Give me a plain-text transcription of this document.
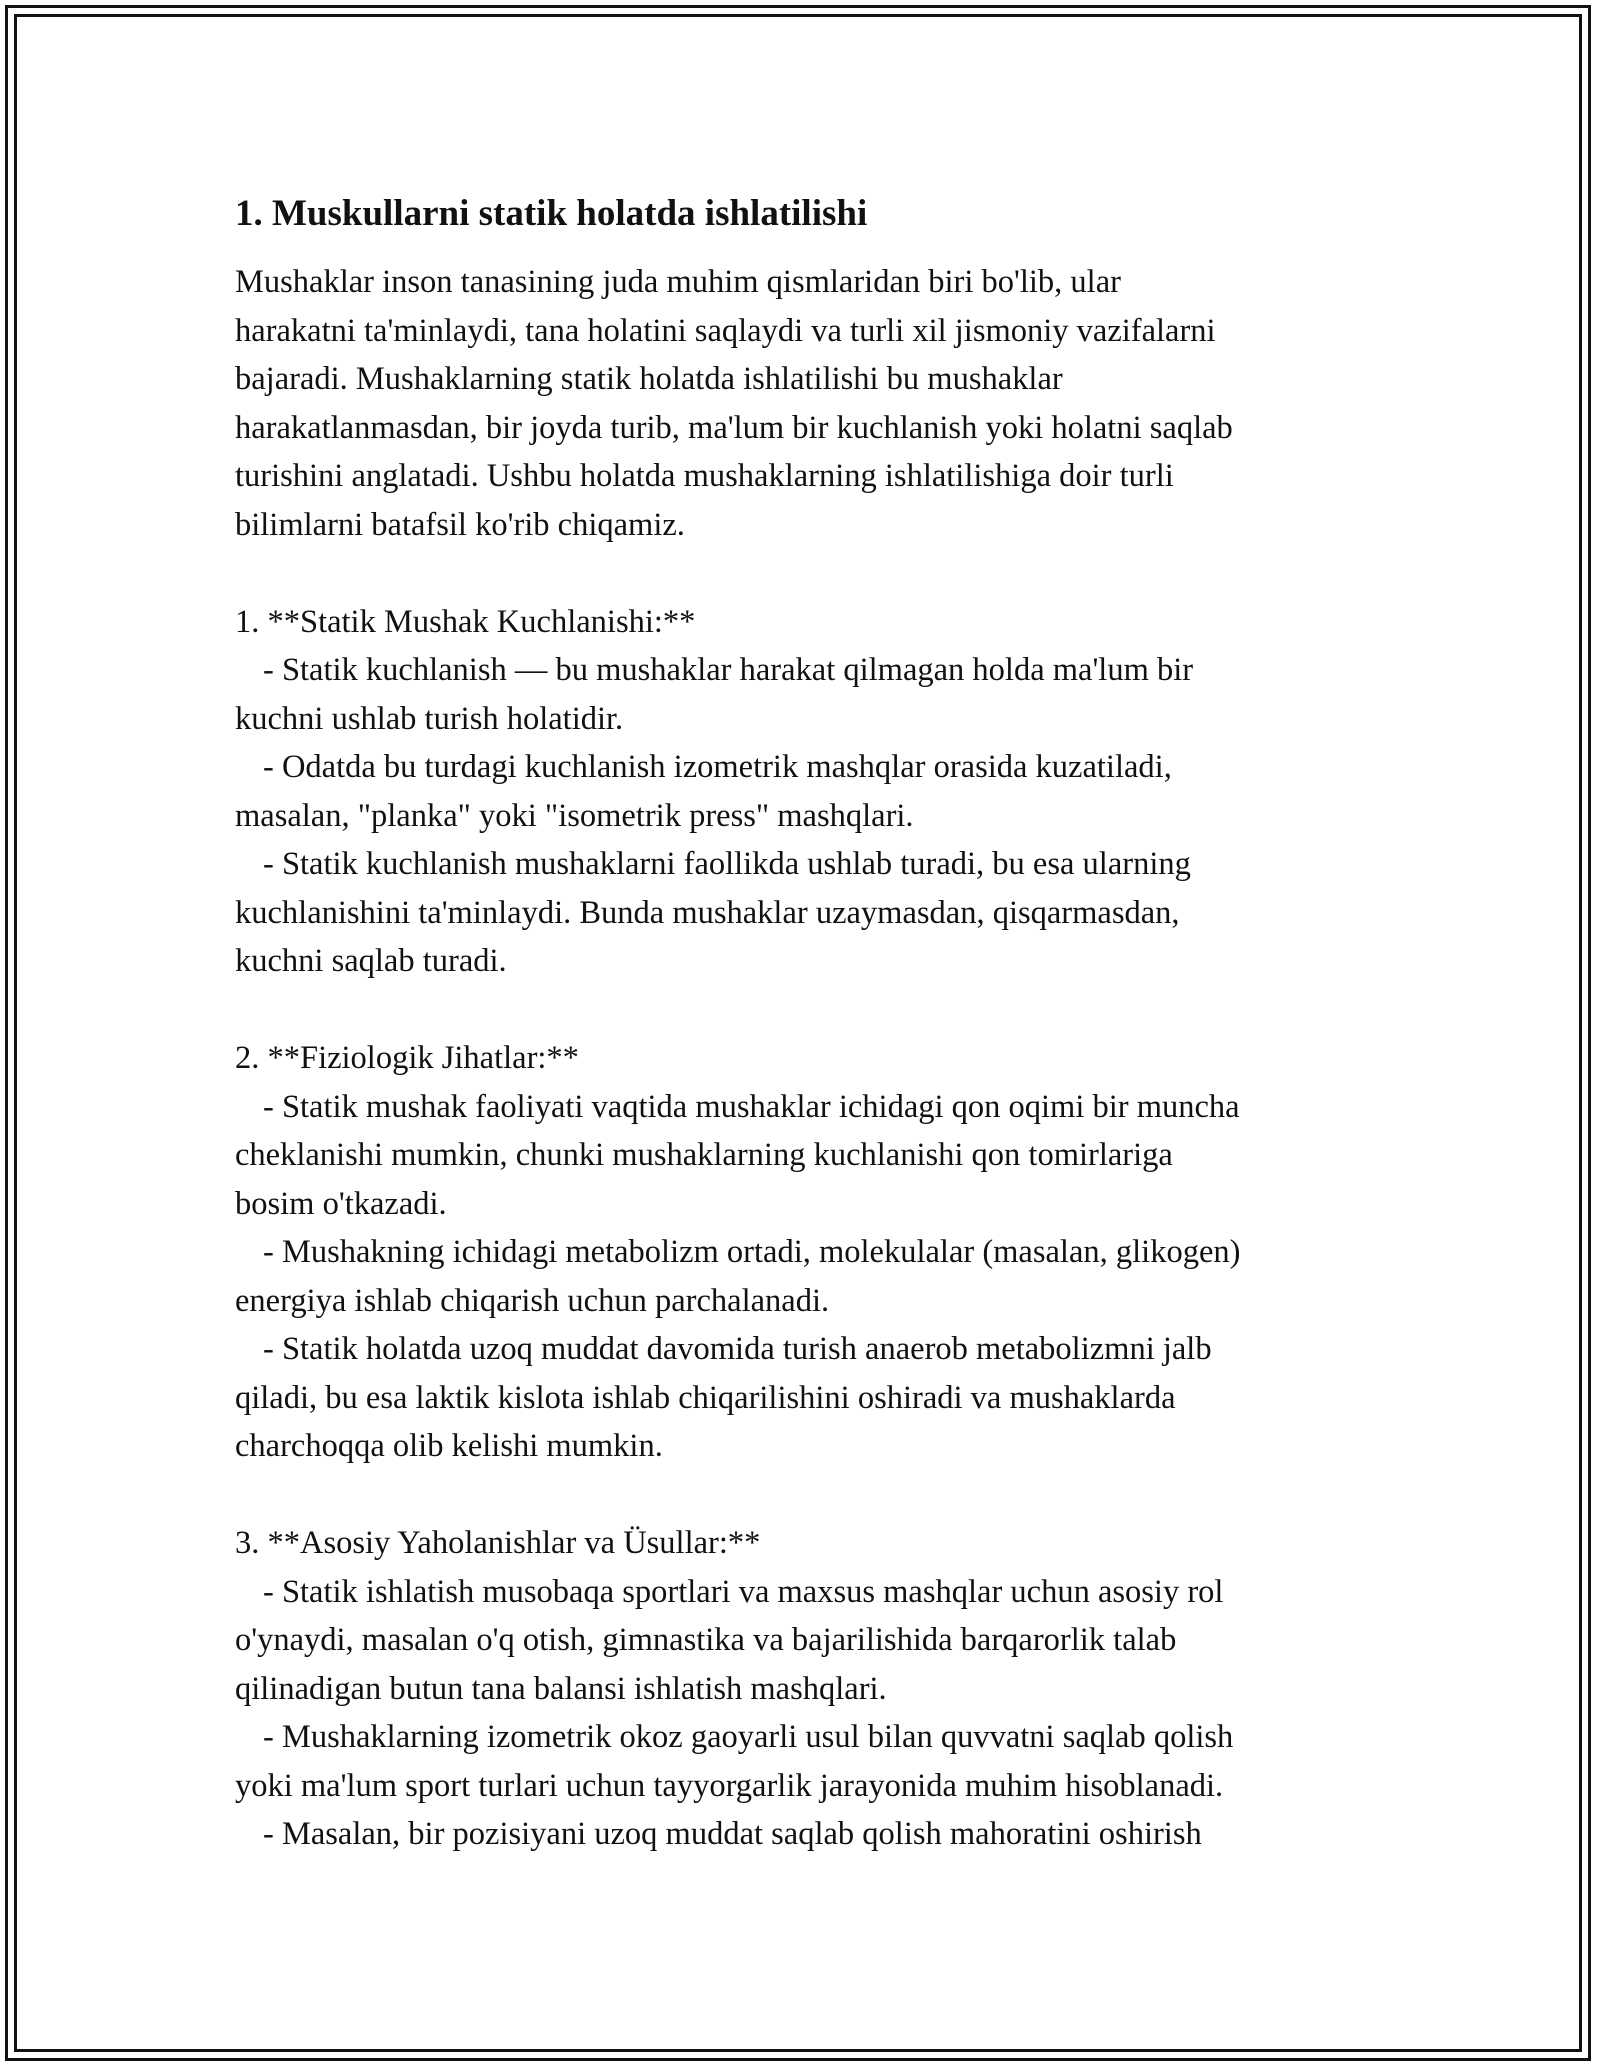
1. Muskullarni statik holatda ishlatilishi

Mushaklar inson tanasining juda muhim qismlaridan biri bo'lib, ular
harakatni ta'minlaydi, tana holatini saqlaydi va turli xil jismoniy vazifalarni
bajaradi. Mushaklarning statik holatda ishlatilishi bu mushaklar
harakatlanmasdan, bir joyda turib, ma'lum bir kuchlanish yoki holatni saqlab
turishini anglatadi. Ushbu holatda mushaklarning ishlatilishiga doir turli
bilimlarni batafsil ko'rib chiqamiz.

1. **Statik Mushak Kuchlanishi:**

- Statik kuchlanish — bu mushaklar harakat qilmagan holda ma'lum bir
kuchni ushlab turish holatidir.

- Odatda bu turdagi kuchlanish izometrik mashqlar orasida kuzatiladi,
masalan, "planka" yoki "isometrik press" mashqlari.

- Statik kuchlanish mushaklarni faollikda ushlab turadi, bu esa ularning
kuchlanishini ta'minlaydi. Bunda mushaklar uzaymasdan, qisqarmasdan,
kuchni saqlab turadi.

2. **Fiziologik Jihatlar:**

- Statik mushak faoliyati vaqtida mushaklar ichidagi qon oqimi bir muncha
cheklanishi mumkin, chunki mushaklarning kuchlanishi qon tomirlariga
bosim o'tkazadi.

- Mushakning ichidagi metabolizm ortadi, molekulalar (masalan, glikogen)
energiya ishlab chiqarish uchun parchalanadi.

- Statik holatda uzoq muddat davomida turish anaerob metabolizmni jalb
qiladi, bu esa laktik kislota ishlab chiqarilishini oshiradi va mushaklarda
charchoqqa olib kelishi mumkin.

3. **Asosiy Yaholanishlar va Üsullar:**

- Statik ishlatish musobaqa sportlari va maxsus mashqlar uchun asosiy rol
o'ynaydi, masalan o'q otish, gimnastika va bajarilishida barqarorlik talab
qilinadigan butun tana balansi ishlatish mashqlari.

- Mushaklarning izometrik okoz gaoyarli usul bilan quvvatni saqlab qolish
yoki ma'lum sport turlari uchun tayyorgarlik jarayonida muhim hisoblanadi.

- Masalan, bir pozisiyani uzoq muddat saqlab qolish mahoratini oshirish
